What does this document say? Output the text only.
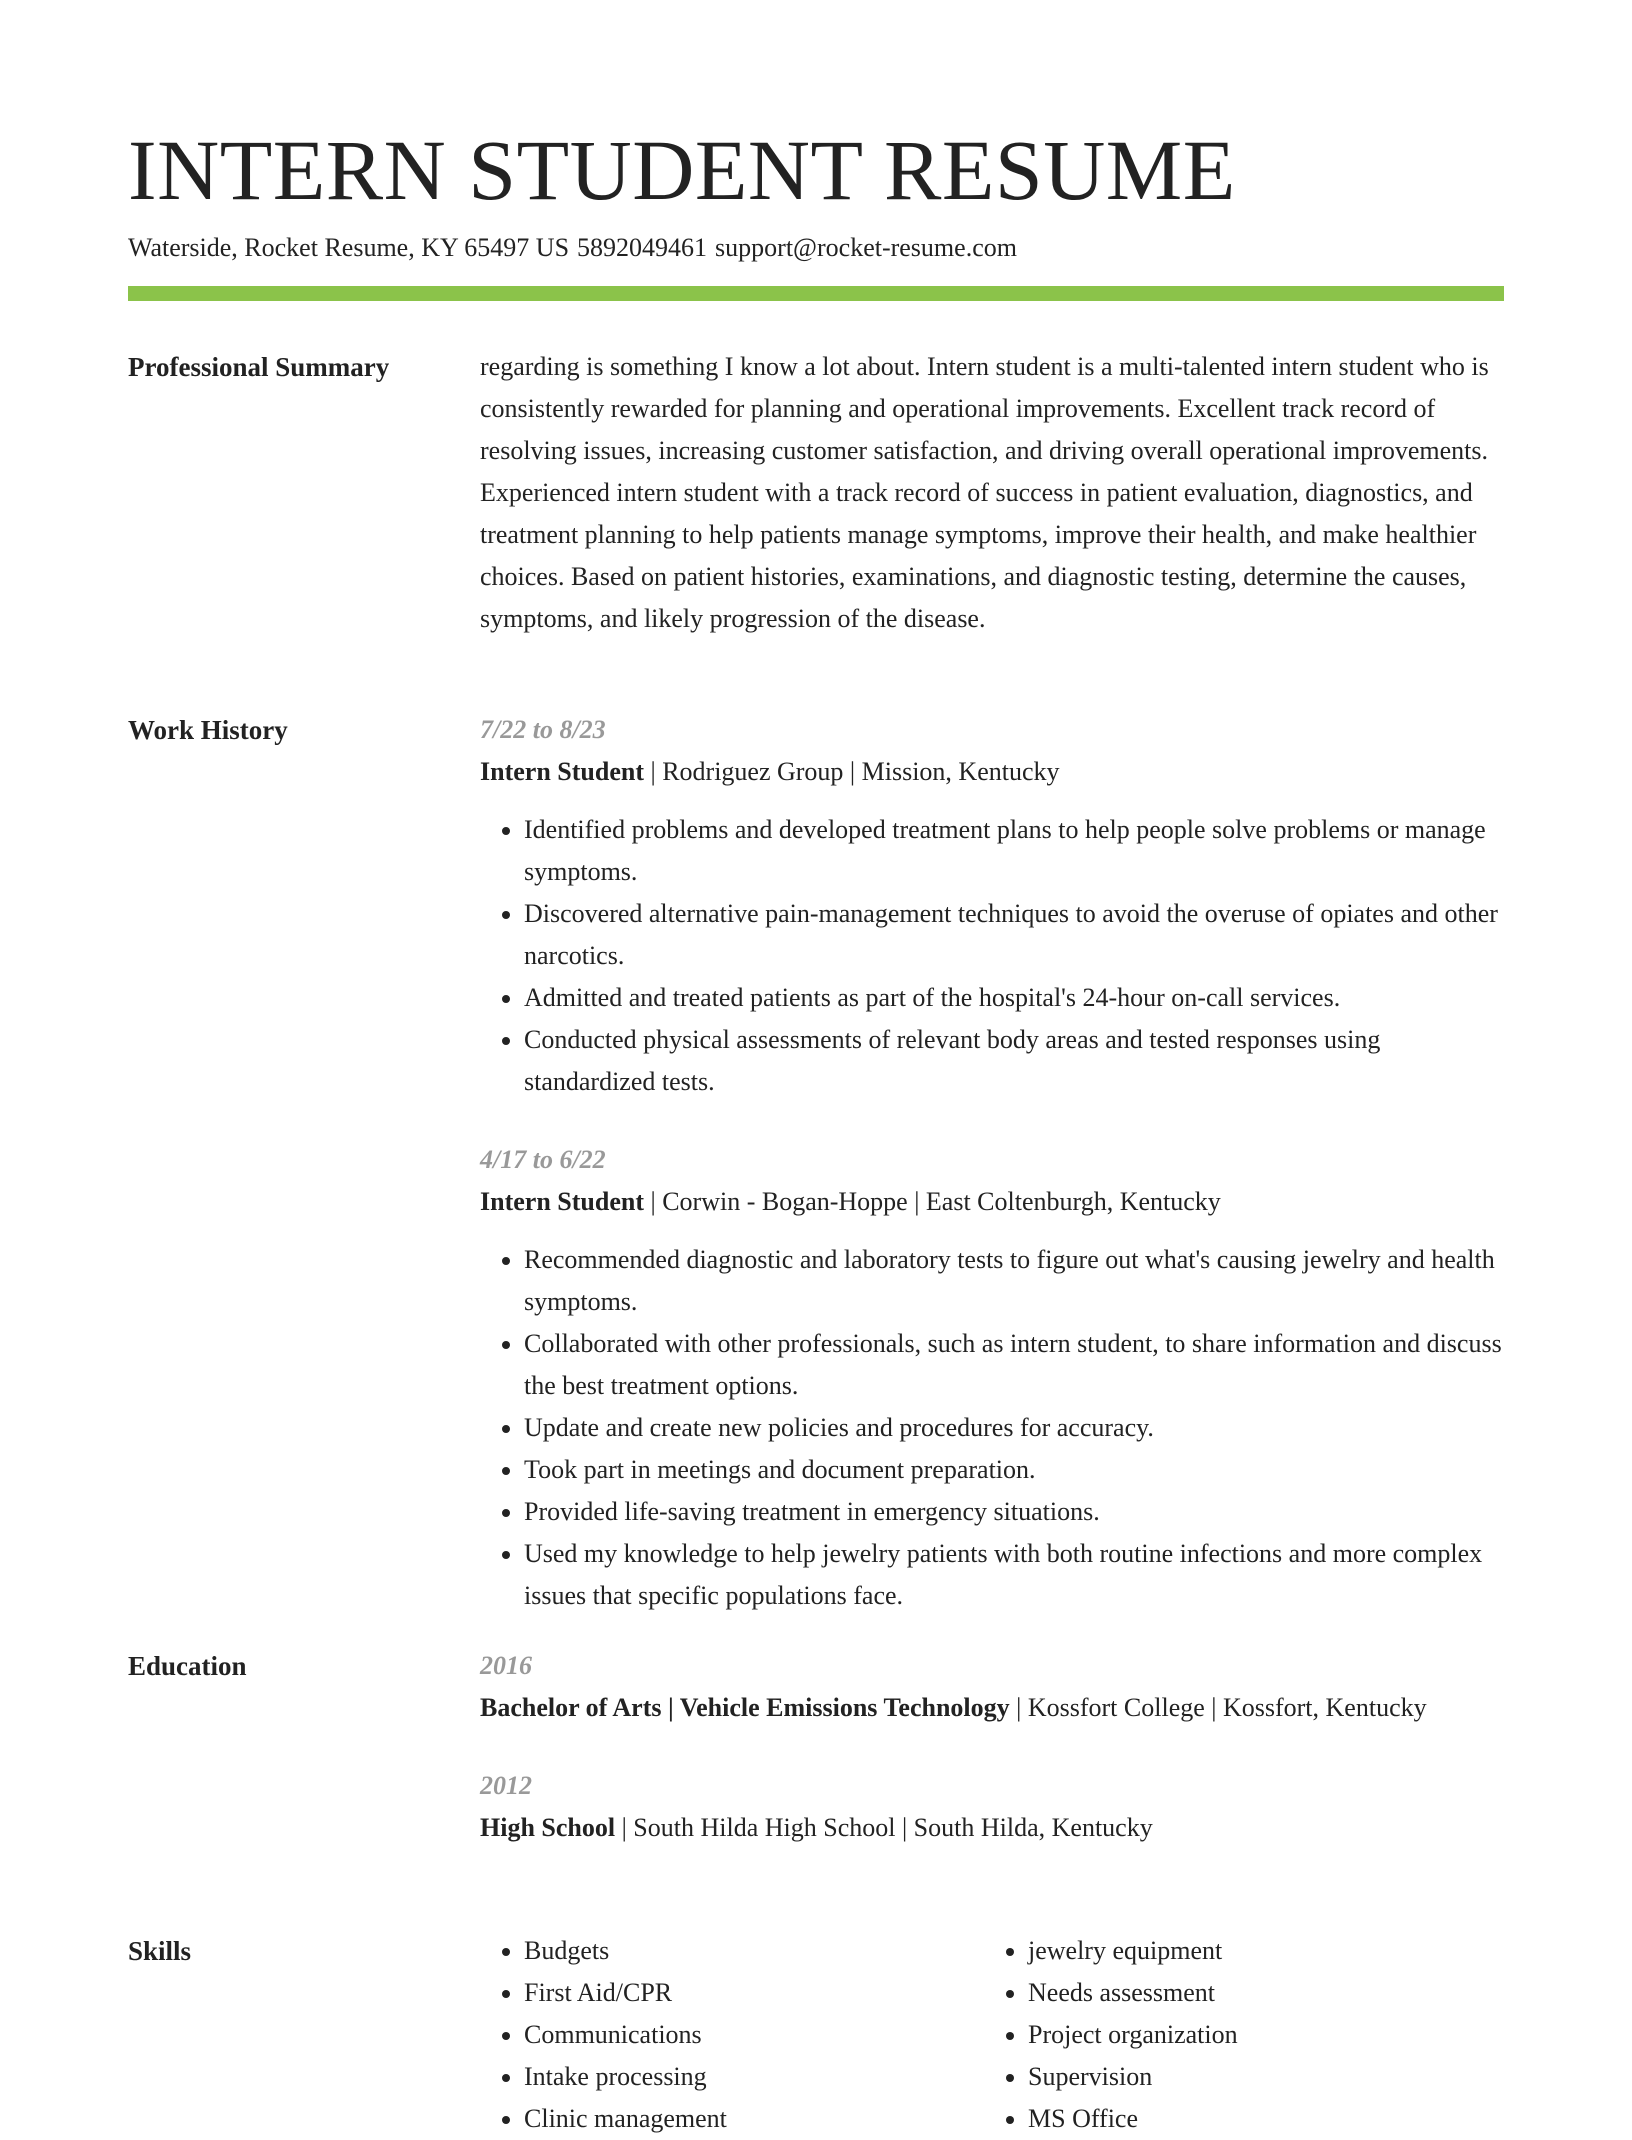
INTERN STUDENT RESUME
Waterside, Rocket Resume, KY 65497 US 5892049461 support@rocket-resume.com
Professional Summary	regarding is something I know a lot about. Intern student is a multi-talented intern student who is consistently rewarded for planning and operational improvements. Excellent track record of resolving issues, increasing customer satisfaction, and driving overall operational improvements. Experienced intern student with a track record of success in patient evaluation, diagnostics, and treatment planning to help patients manage symptoms, improve their health, and make healthier choices. Based on patient histories, examinations, and diagnostic testing, determine the causes, symptoms, and likely progression of the disease.

Work History	7/22 to 8/23
Intern Student | Rodriguez Group | Mission, Kentucky
• Identified problems and developed treatment plans to help people solve problems or manage symptoms.
• Discovered alternative pain-management techniques to avoid the overuse of opiates and other narcotics.
• Admitted and treated patients as part of the hospital's 24-hour on-call services.
• Conducted physical assessments of relevant body areas and tested responses using standardized tests.
4/17 to 6/22
Intern Student | Corwin - Bogan-Hoppe | East Coltenburgh, Kentucky
• Recommended diagnostic and laboratory tests to figure out what's causing jewelry and health symptoms.
• Collaborated with other professionals, such as intern student, to share information and discuss the best treatment options.
• Update and create new policies and procedures for accuracy.
• Took part in meetings and document preparation.
• Provided life-saving treatment in emergency situations.
• Used my knowledge to help jewelry patients with both routine infections and more complex issues that specific populations face.
Education	2016
Bachelor of Arts | Vehicle Emissions Technology | Kossfort College | Kossfort, Kentucky
2012
High School | South Hilda High School | South Hilda, Kentucky
Skills
•	Budgets
• First Aid/CPR
• Communications
• Intake processing
• Clinic management
• jewelry equipment
• Needs assessment
• Project organization
• Supervision
• MS Office
